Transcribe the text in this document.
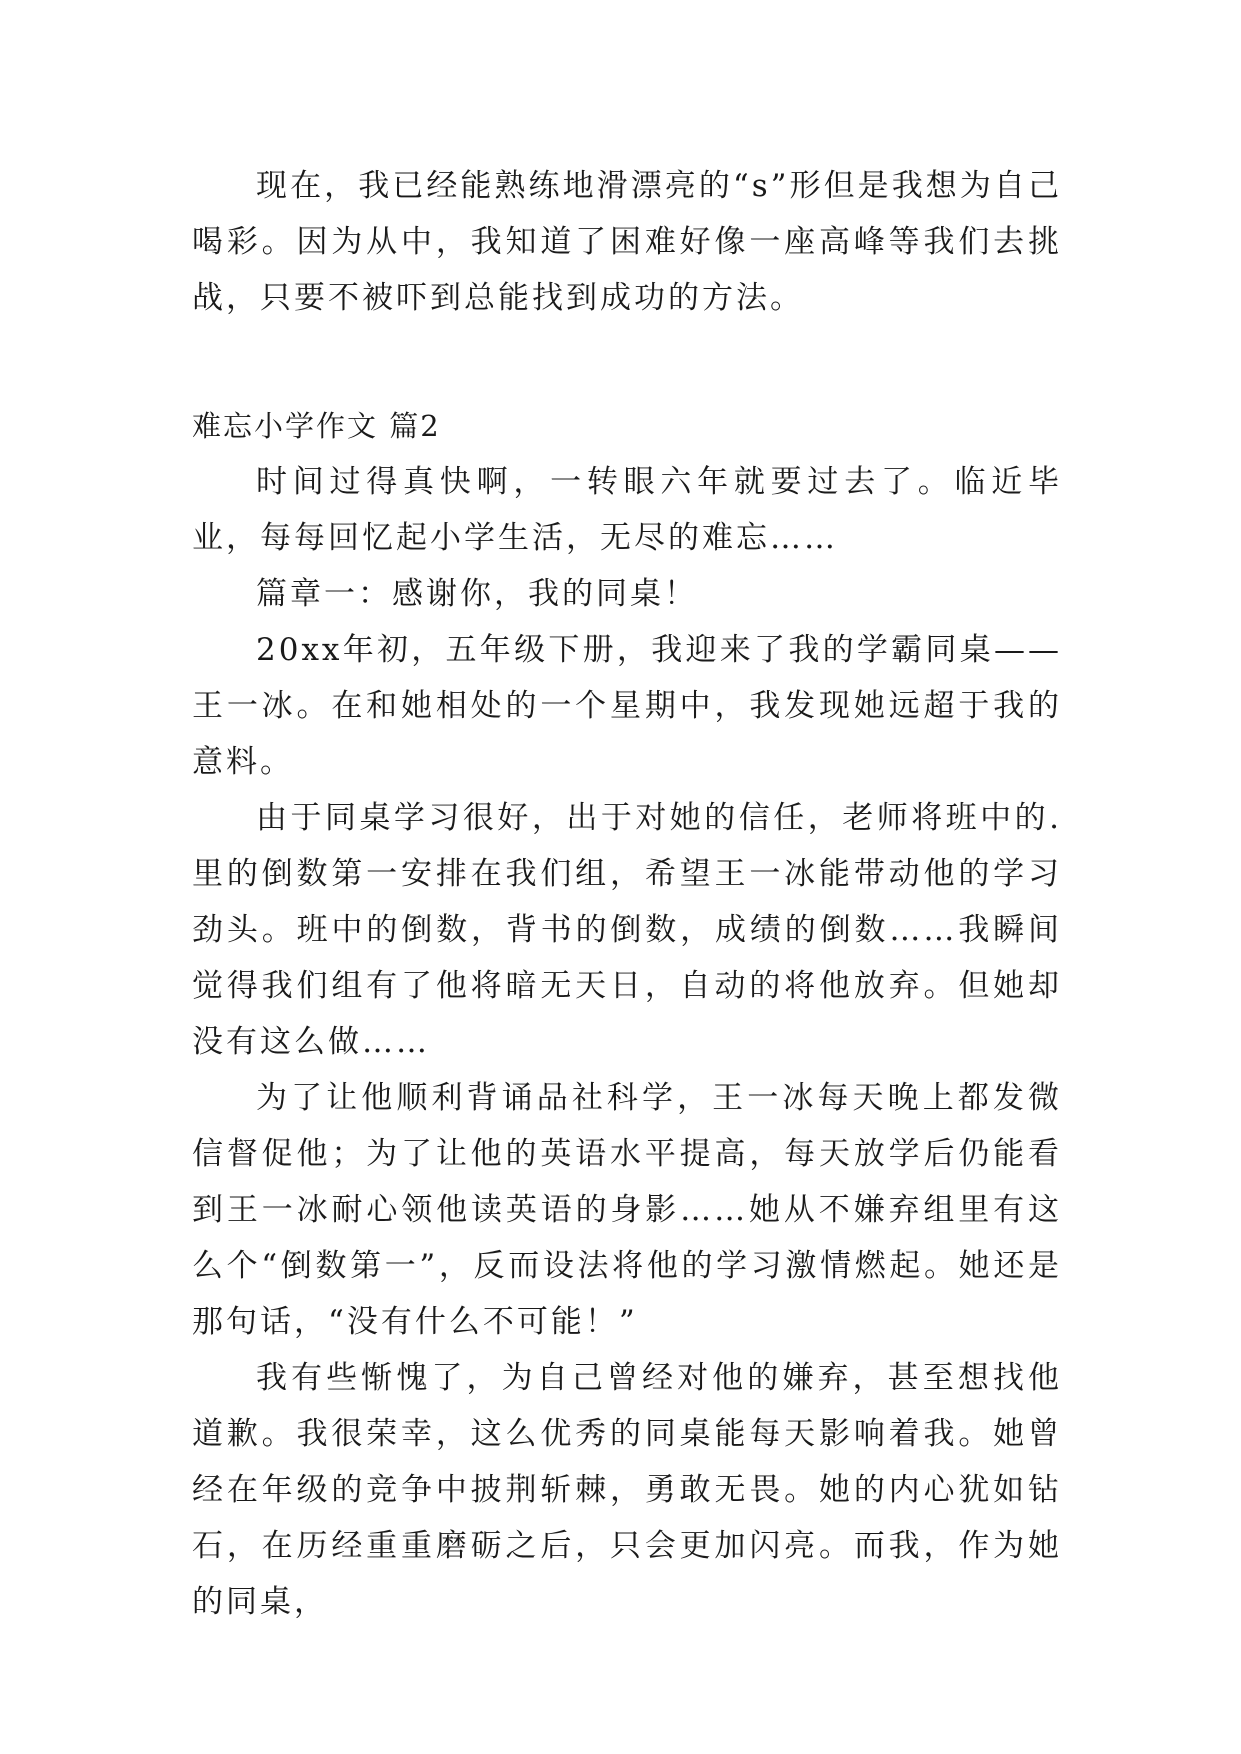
现在，我已经能熟练地滑漂亮的“s”形但是我想为自己喝彩。因为从中，我知道了困难好像一座高峰等我们去挑战，只要不被吓到总能找到成功的方法。

难忘小学作文 篇2

时间过得真快啊，一转眼六年就要过去了。临近毕业，每每回忆起小学生活，无尽的难忘……

篇章一：感谢你，我的同桌！

20xx年初，五年级下册，我迎来了我的学霸同桌——王一冰。在和她相处的一个星期中，我发现她远超于我的意料。

由于同桌学习很好，出于对她的信任，老师将班中的.里的倒数第一安排在我们组，希望王一冰能带动他的学习劲头。班中的倒数，背书的倒数，成绩的倒数……我瞬间觉得我们组有了他将暗无天日，自动的将他放弃。但她却没有这么做……

为了让他顺利背诵品社科学，王一冰每天晚上都发微信督促他；为了让他的英语水平提高，每天放学后仍能看到王一冰耐心领他读英语的身影……她从不嫌弃组里有这么个“倒数第一”，反而设法将他的学习激情燃起。她还是那句话，“没有什么不可能！”

我有些惭愧了，为自己曾经对他的嫌弃，甚至想找他道歉。我很荣幸，这么优秀的同桌能每天影响着我。她曾经在年级的竞争中披荆斩棘，勇敢无畏。她的内心犹如钻石，在历经重重磨砺之后，只会更加闪亮。而我，作为她的同桌，
